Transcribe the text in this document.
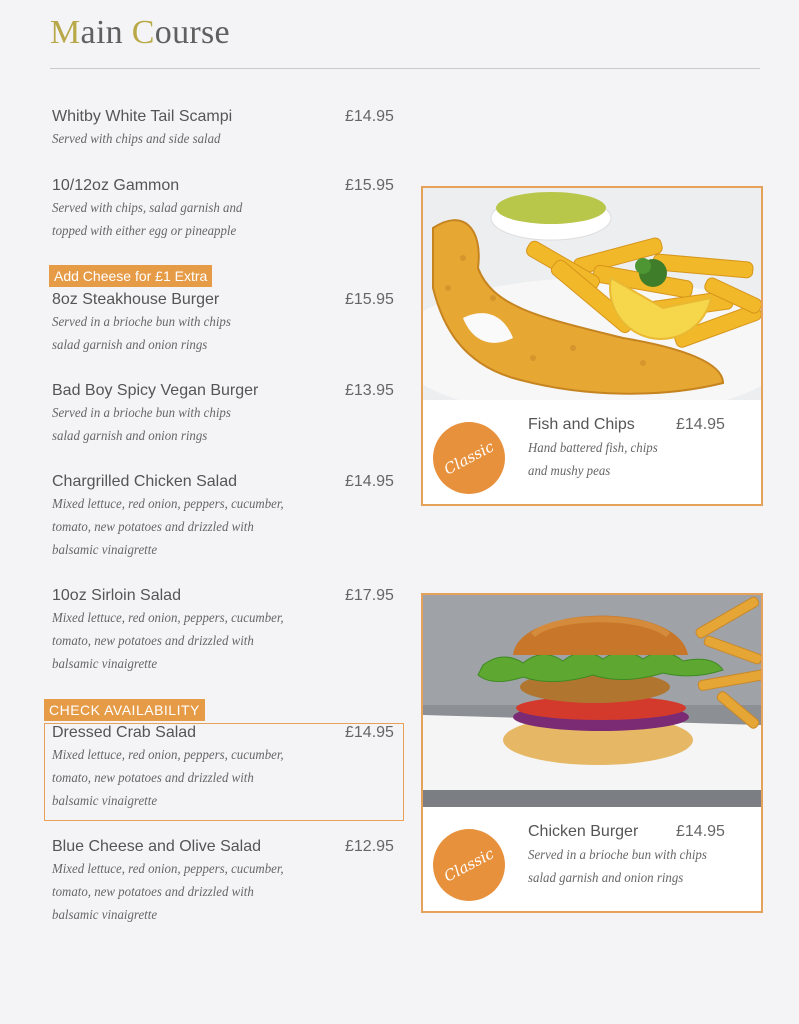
Main Course
Whitby White Tail Scampi	£14.95
Served with chips and side salad
10/12oz Gammon	£15.95
Served with chips, salad garnish and
topped with either egg or pineapple
Add Cheese for £1 Extra
8oz Steakhouse Burger	£15.95
Served in a brioche bun with chips
salad garnish and onion rings
Bad Boy Spicy Vegan Burger	£13.95
Served in a brioche bun with chips
salad garnish and onion rings
Chargrilled Chicken Salad	£14.95
Mixed lettuce, red onion, peppers, cucumber,
tomato, new potatoes and drizzled with
balsamic vinaigrette
10oz Sirloin Salad	£17.95
Mixed lettuce, red onion, peppers, cucumber,
tomato, new potatoes and drizzled with
balsamic vinaigrette
CHECK AVAILABILITY
Dressed Crab Salad	£14.95
Mixed lettuce, red onion, peppers, cucumber,
tomato, new potatoes and drizzled with
balsamic vinaigrette
Blue Cheese and Olive Salad	£12.95
Mixed lettuce, red onion, peppers, cucumber,
tomato, new potatoes and drizzled with
balsamic vinaigrette
Classic
Fish and Chips	£14.95
Hand battered fish, chips
and mushy peas
Classic
Chicken Burger £14.95
Served in a brioche bun with chips
salad garnish and onion rings
